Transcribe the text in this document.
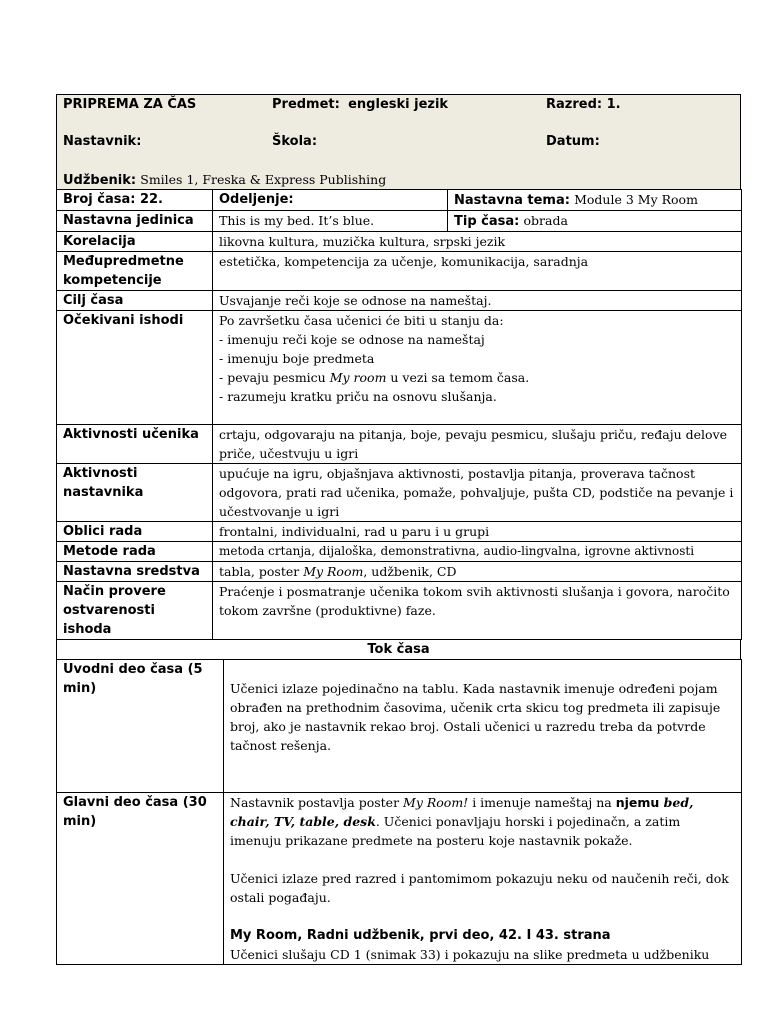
PRIPREMA ZA ČAS	Predmet: engleski jezik	Razred: 1.
Nastavnik:	Škola:	Datum:
Udžbenik: Smiles 1, Freska & Express Publishing
Broj časa: 22.	Odeljenje:	Nastavna tema: Module 3 My Room
Nastavna jedinica	This is my bed. It’s blue.	Tip časa: obrada
Korelacija	likovna kultura, muzička kultura, srpski jezik
Međupredmetne kompetencije	estetička, kompetencija za učenje, komunikacija, saradnja
Cilj časa	Usvajanje reči koje se odnose na nameštaj.
Očekivani ishodi	Po završetku časa učenici će biti u stanju da:
- imenuju reči koje se odnose na nameštaj
- imenuju boje predmeta
- pevaju pesmicu My room u vezi sa temom časa.
- razumeju kratku priču na osnovu slušanja.

Aktivnosti učenika	crtaju, odgovaraju na pitanja, boje, pevaju pesmicu, slušaju priču, ređaju delove priče, učestvuju u igri
Aktivnosti nastavnika	upućuje na igru, objašnjava aktivnosti, postavlja pitanja, proverava tačnost odgovora, prati rad učenika, pomaže, pohvaljuje, pušta CD, podstiče na pevanje i učestvovanje u igri
Oblici rada	frontalni, individualni, rad u paru i u grupi
Metode rada	metoda crtanja, dijaloška, demonstrativna, audio-lingvalna, igrovne aktivnosti
Nastavna sredstva	tabla, poster My Room, udžbenik, CD
Način provere ostvarenosti ishoda	Praćenje i posmatranje učenika tokom svih aktivnosti slušanja i govora, naročito tokom završne (produktivne) faze.
Tok časa
Uvodni deo časa (5 min)	Učenici izlaze pojedinačno na tablu. Kada nastavnik imenuje određeni pojam obrađen na prethodnim časovima, učenik crta skicu tog predmeta ili zapisuje broj, ako je nastavnik rekao broj. Ostali učenici u razredu treba da potvrde tačnost rešenja.
Glavni deo časa (30 min)	Nastavnik postavlja poster My Room! i imenuje nameštaj na njemu bed, chair, TV, table, desk. Učenici ponavljaju horski i pojedinačn, a zatim imenuju prikazane predmete na posteru koje nastavnik pokaže.
Učenici izlaze pred razred i pantomimom pokazuju neku od naučenih reči, dok ostali pogađaju.
My Room, Radni udžbenik, prvi deo, 42. I 43. strana
Učenici slušaju CD 1 (snimak 33) i pokazuju na slike predmeta u udžbeniku
